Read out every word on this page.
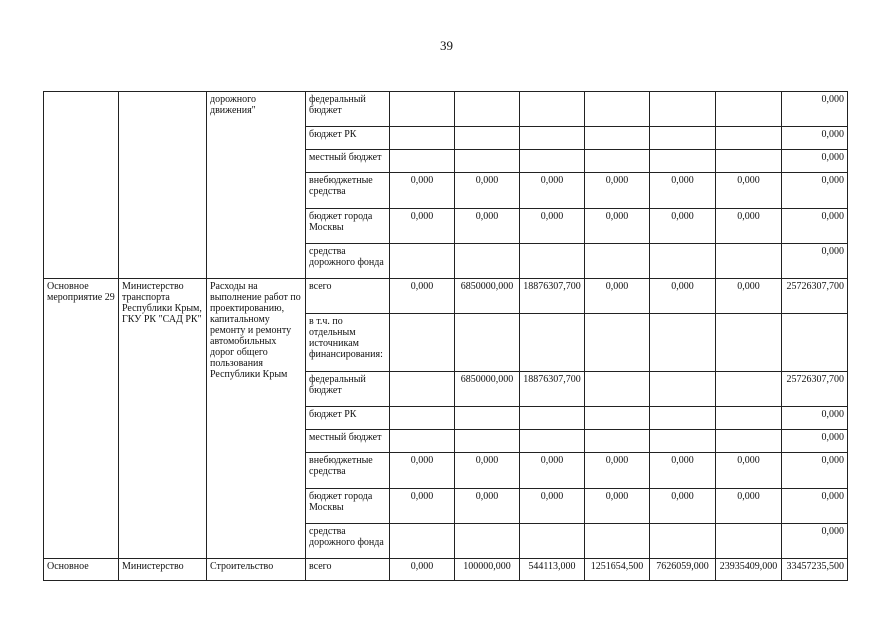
39
		дорожного
движения"	федеральный бюджет							0,000
			бюджет РК							0,000
			местный бюджет							0,000
			внебюджетные средства	0,000	0,000	0,000	0,000	0,000	0,000	0,000
			бюджет города Москвы	0,000	0,000	0,000	0,000	0,000	0,000	0,000
			средства дорожного фонда							0,000
Основное мероприятие 29	Министерство транспорта Республики Крым, ГКУ РК "САД РК"	Расходы на выполнение работ по проектированию, капитальному ремонту и ремонту автомобильных дорог общего пользования Республики Крым	всего	0,000	6850000,000	18876307,700	0,000	0,000	0,000	25726307,700
			в т.ч. по отдельным источникам финансирования:							
			федеральный бюджет		6850000,000	18876307,700				25726307,700
			бюджет РК							0,000
			местный бюджет							0,000
			внебюджетные средства	0,000	0,000	0,000	0,000	0,000	0,000	0,000
			бюджет города Москвы	0,000	0,000	0,000	0,000	0,000	0,000	0,000
			средства дорожного фонда							0,000
Основное	Министерство	Строительство	всего	0,000	100000,000	544113,000	1251654,500	7626059,000	23935409,000	33457235,500
